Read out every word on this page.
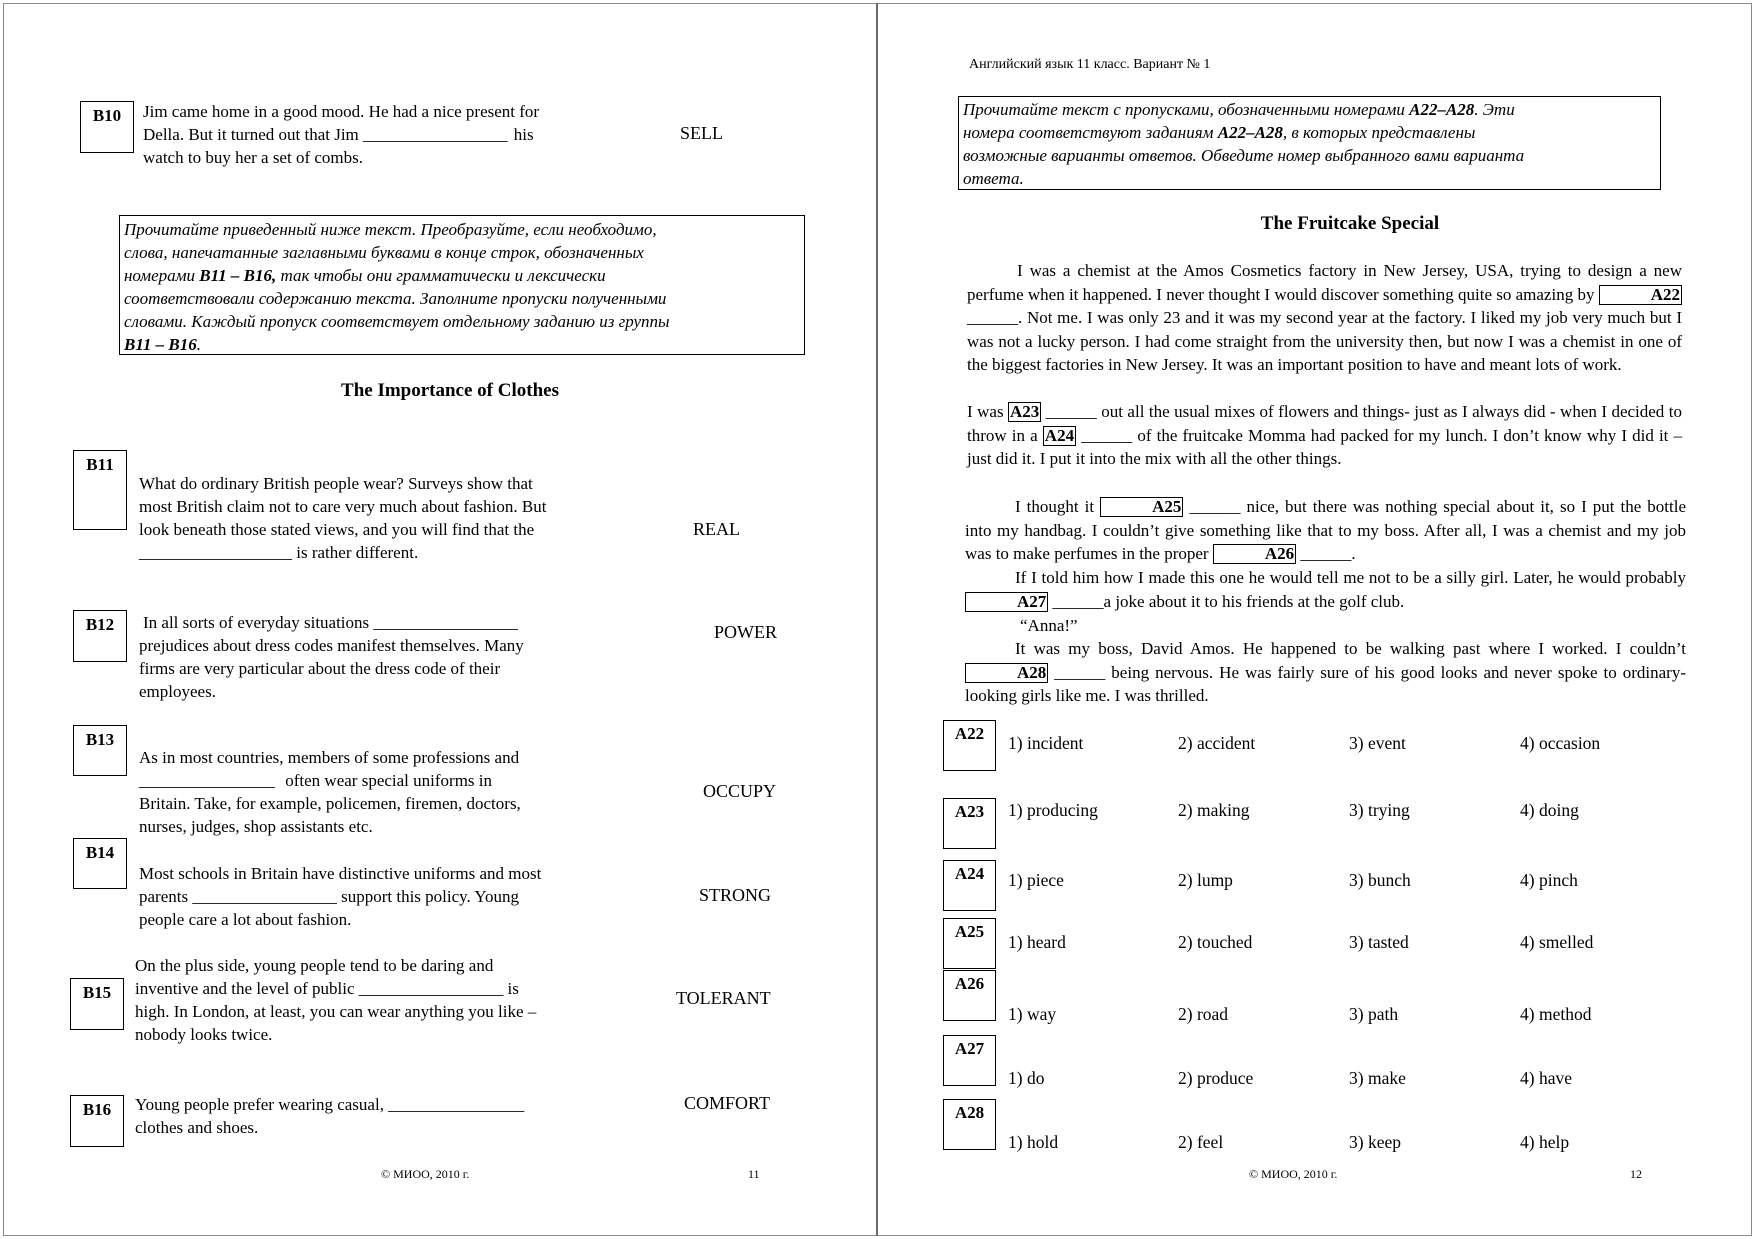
B10	Jim came home in a good mood. He had a nice present for
Della. But it turned out that Jim _________________ his
watch to buy her a set of combs.
SELL
Прочитайте приведенный ниже текст. Преобразуйте, если необходимо,
слова, напечатанные заглавными буквами в конце строк, обозначенных
номерами B11 – B16, так чтобы они грамматически и лексически
соответствовали содержанию текста. Заполните пропуски полученными
словами. Каждый пропуск соответствует отдельному заданию из группы
B11 – B16.
The Importance of Clothes
B11
What do ordinary British people wear? Surveys show that
most British claim not to care very much about fashion. But
look beneath those stated views, and you will find that the
__________________ is rather different.
REAL
B12	In all sorts of everyday situations _________________
prejudices about dress codes manifest themselves. Many
firms are very particular about the dress code of their
employees.
POWER
B13
As in most countries, members of some professions and
________________ often wear special uniforms in
Britain. Take, for example, policemen, firemen, doctors,
nurses, judges, shop assistants etc.
OCCUPY
B14
Most schools in Britain have distinctive uniforms and most
parents _________________ support this policy. Young
people care a lot about fashion.
STRONG
B15
On the plus side, young people tend to be daring and
inventive and the level of public _________________ is
high. In London, at least, you can wear anything you like –
nobody looks twice.
TOLERANT
B16	Young people prefer wearing casual, ________________
clothes and shoes.
COMFORT
© МИОО, 2010 г.	11
Английский язык 11 класс. Вариант № 1
Прочитайте текст с пропусками, обозначенными номерами A22–A28. Эти
номера соответствуют заданиям A22–A28, в которых представлены
возможные варианты ответов. Обведите номер выбранного вами варианта
ответа.
The Fruitcake Special
I was a chemist at the Amos Cosmetics factory in New Jersey, USA, trying to design a new perfume when it happened. I never thought I would discover something quite so amazing by	A22 ______. Not me. I was only 23 and it was my second year at the factory. I liked my job very much but I was not a lucky person. I had come straight from the university then, but now I was a chemist in one of the biggest factories in New Jersey. It was an important position to have and meant lots of work.
I was A23 ______ out all the usual mixes of flowers and things- just as I always did - when I decided to throw in a A24 ______ of the fruitcake Momma had packed for my lunch. I don’t know why I did it –just did it. I put it into the mix with all the other things.
I thought it	A25 ______ nice, but there was nothing special about it, so I put the bottle into my handbag. I couldn’t give something like that to my boss. After all, I was a chemist and my job was to make perfumes in the proper	A26 ______.
If I told him how I made this one he would tell me not to be a silly girl. Later, he would probably A27 ______a joke about it to his friends at the golf club.
“Anna!”
It was my boss, David Amos. He happened to be walking past where I worked. I couldn’t A28 ______ being nervous. He was fairly sure of his good looks and never spoke to ordinary- looking girls like me. I was thrilled.
A22	1) incident	2) accident	3) event	4) occasion
A23	1) producing	2) making	3) trying	4) doing
A24	1) piece	2) lump	3) bunch	4) pinch
A25
1) heard	2) touched	3) tasted	4) smelled
A26
1) way	2) road	3) path	4) method
A27
1) do	2) produce	3) make	4) have
A28
1) hold	2) feel	3) keep	4) help
© МИОО, 2010 г.	12
